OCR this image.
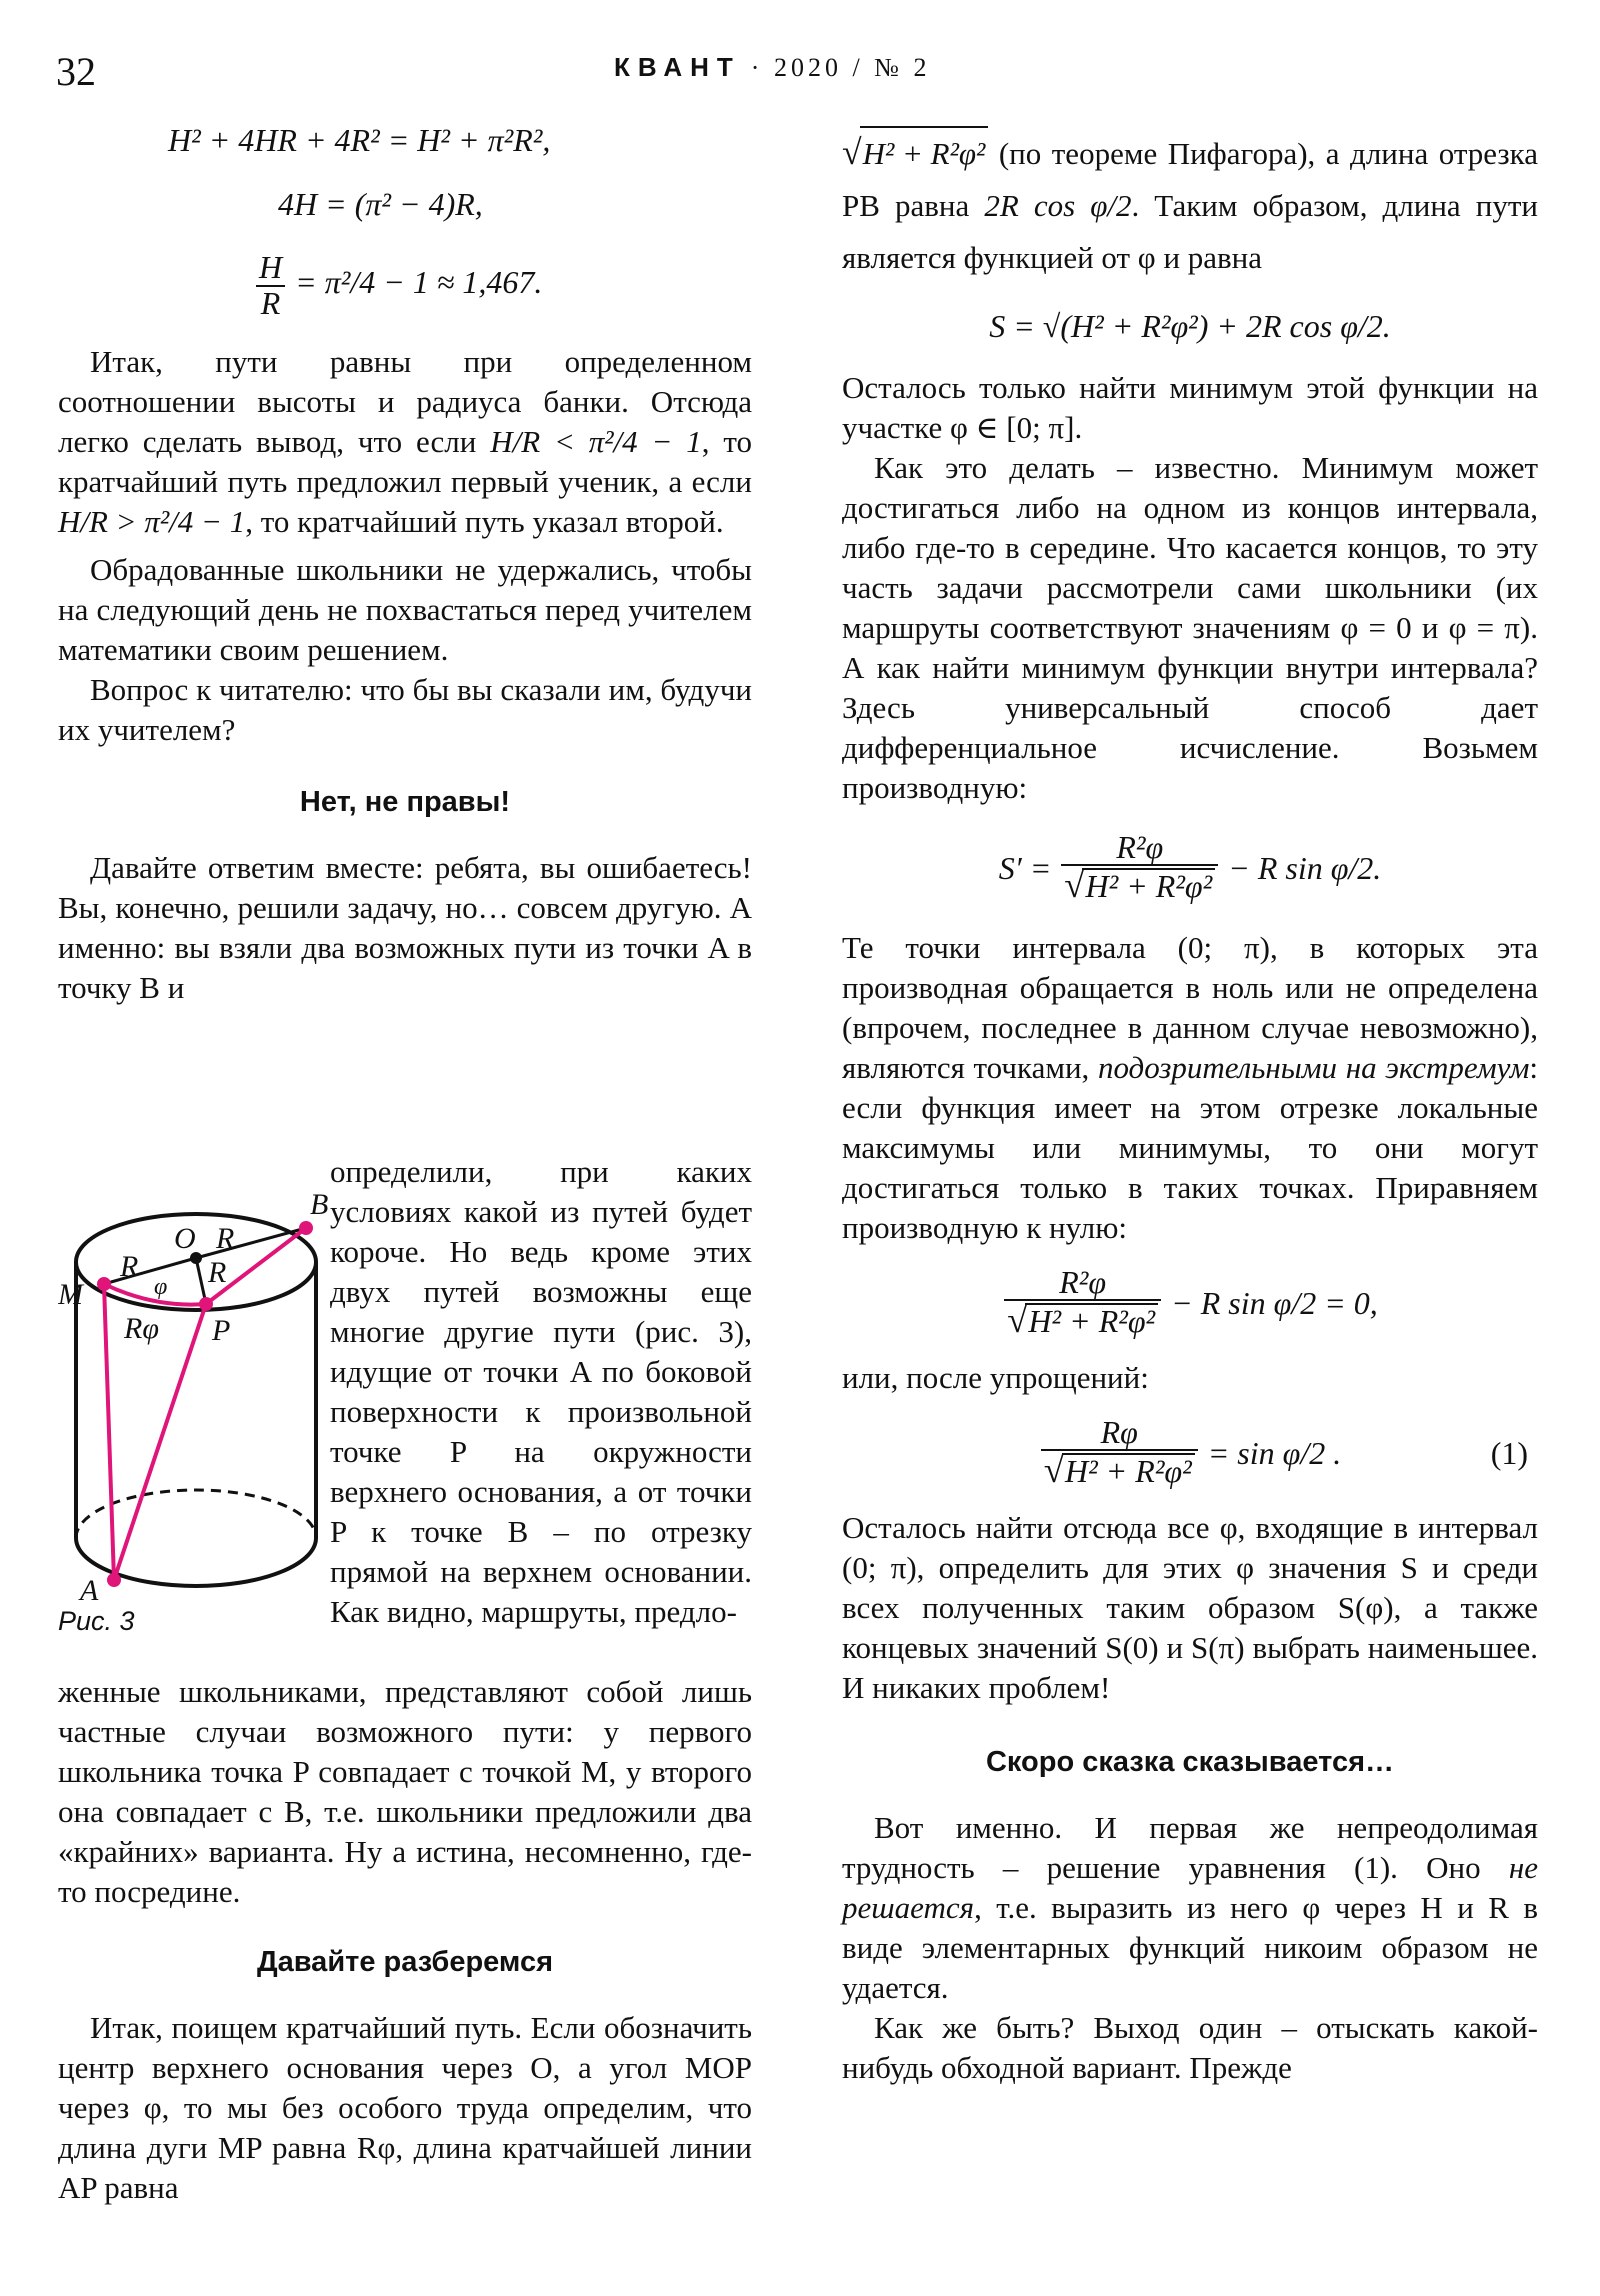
32	КВАНТ · 2020 / № 2
H² + 4HR + 4R² = H² + π²R²,
4H = (π² − 4)R,
$\frac{H}{R} = \pi^2/4 - 1 \approx 1,467$.

Итак, пути равны при определенном соотношении высоты и радиуса банки. Отсюда легко сделать вывод, что если H/R < π²/4 − 1, то кратчайший путь предложил первый ученик, а если H/R > π²/4 − 1, то кратчайший путь указал второй.

Обрадованные школьники не удержались, чтобы на следующий день не похвастаться перед учителем математики своим решением.

Вопрос к читателю: что бы вы сказали им, будучи их учителем?

Нет, не правы!

Давайте ответим вместе: ребята, вы ошибаетесь! Вы, конечно, решили задачу, но… совсем другую. А именно: вы взяли два возможных пути из точки A в точку B и

B
O R
R R
φ
M
Rφ P
A
Рис. 3

определили, при каких условиях какой из путей будет короче. Но ведь кроме этих двух путей возможны еще многие другие пути (рис. 3), идущие от точки A по боковой поверхности к произвольной точке P на окружности верхнего основания, а от точки P к точке B – по отрезку прямой на верхнем основании. Как видно, маршруты, предло-

женные школьниками, представляют собой лишь частные случаи возможного пути: у первого школьника точка P совпадает с точкой M, у второго она совпадает с B, т.е. школьники предложили два «крайних» варианта. Ну а истина, несомненно, где-то посредине.

Давайте разберемся

Итак, поищем кратчайший путь. Если обозначить центр верхнего основания через O, а угол MOP через φ, то мы без особого труда определим, что длина дуги MP равна Rφ, длина кратчайшей линии AP равна

√H² + R²φ² (по теореме Пифагора), а длина отрезка PB равна 2R cos φ/2. Таким образом, длина пути является функцией от φ и равна

S = √(H² + R²φ²) + 2R cos φ/2.

Осталось только найти минимум этой функции на участке φ ∈ [0; π].

Как это делать – известно. Минимум может достигаться либо на одном из концов интервала, либо где-то в середине. Что касается концов, то эту часть задачи рассмотрели сами школьники (их маршруты соответствуют значениям φ = 0 и φ = π). А как найти минимум функции внутри интервала? Здесь универсальный способ дает дифференциальное исчисление. Возьмем производную:

$S' = \frac{\text{R²φ}}{\text{√H² + R²φ²}} - R$ sin φ/2.

Те точки интервала (0; π), в которых эта производная обращается в ноль или не определена (впрочем, последнее в данном случае невозможно), являются точками, подозрительными на экстремум: если функция имеет на этом отрезке локальные максимумы или минимумы, то они могут достигаться только в таких точках. Приравняем производную к нулю:

$\frac{\text{R²φ}}{\text{√H² + R²φ²}} - R$ sin φ/2 = 0,

или, после упрощений:

$\frac{R\varphi}{\text{√H² + R²φ²}} = \sin \varphi/2$ .	(1)

Осталось найти отсюда все φ, входящие в интервал (0; π), определить для этих φ значения S и среди всех полученных таким образом S(φ), а также концевых значений S(0) и S(π) выбрать наименьшее. И никаких проблем!

Скоро сказка сказывается…

Вот именно. И первая же непреодолимая трудность – решение уравнения (1). Оно не решается, т.е. выразить из него φ через H и R в виде элементарных функций никоим образом не удается.

Как же быть? Выход один – отыскать какой-нибудь обходной вариант. Прежде
